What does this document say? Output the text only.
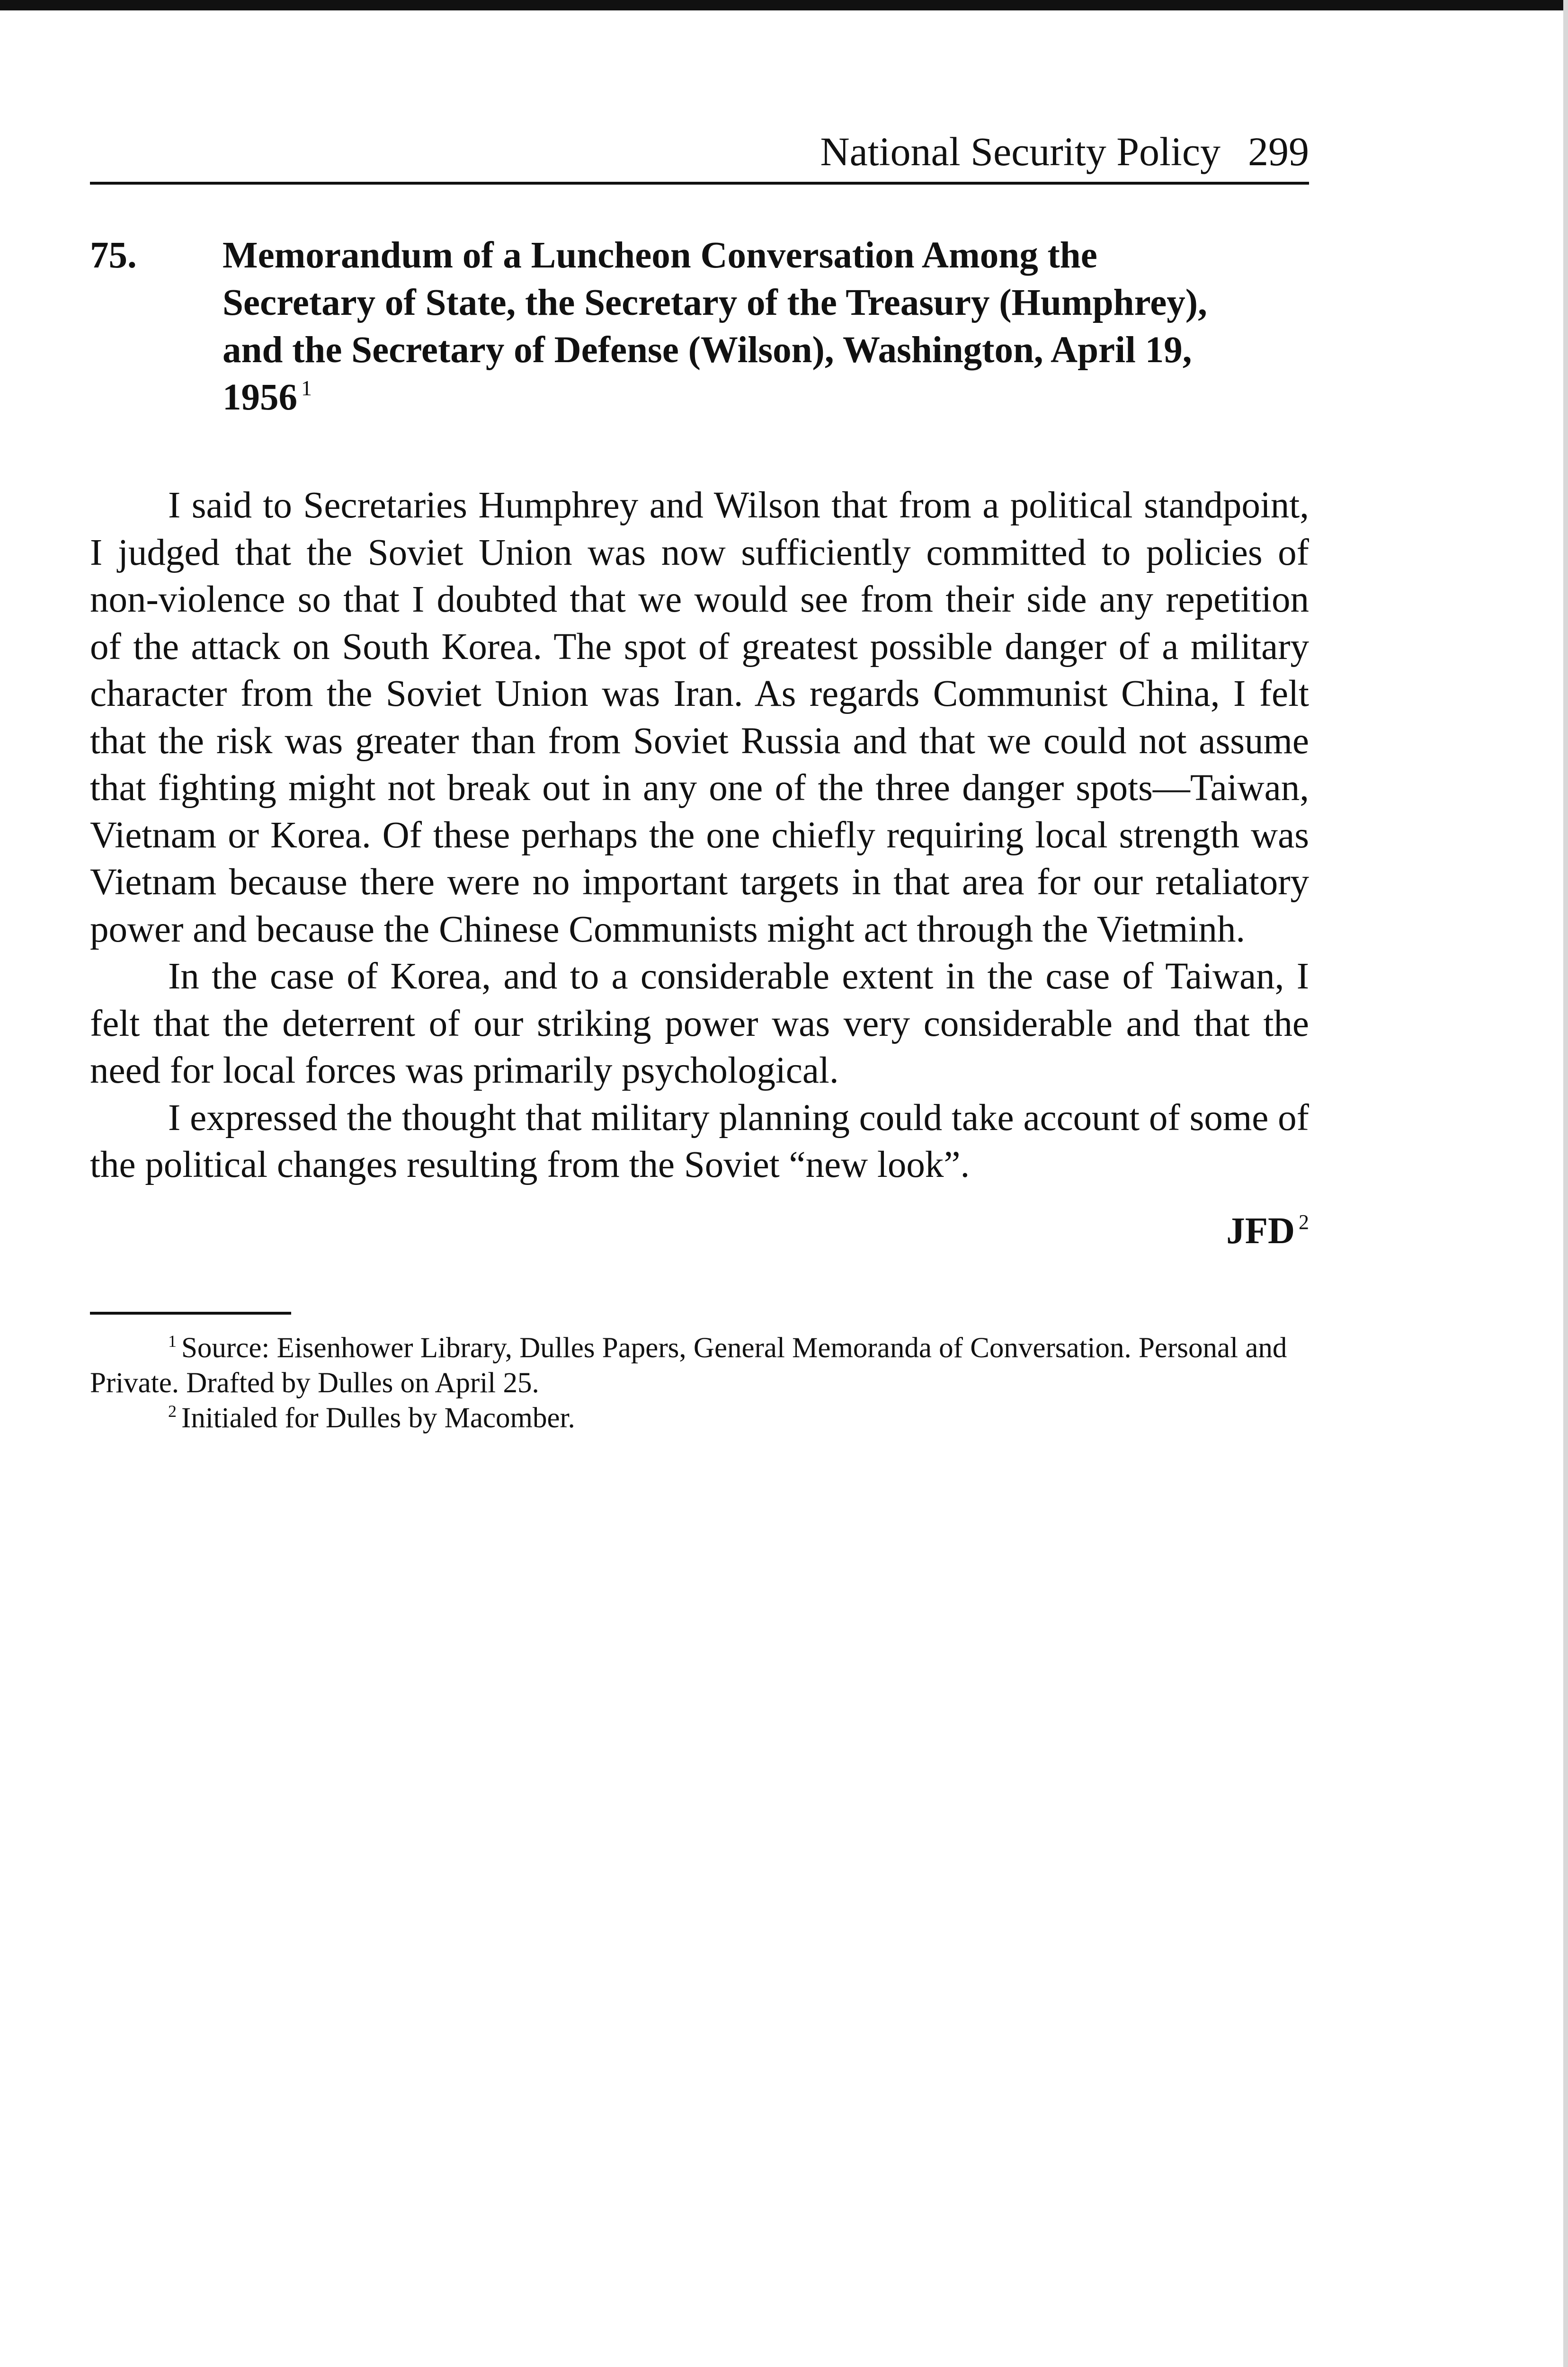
National Security Policy 299
75.	Memorandum of a Luncheon Conversation Among the Secretary of State, the Secretary of the Treasury (Humphrey), and the Secretary of Defense (Wilson), Washington, April 19, 1956 $^1$

I said to Secretaries Humphrey and Wilson that from a political standpoint, I judged that the Soviet Union was now sufficiently committed to policies of non-violence so that I doubted that we would see from their side any repetition of the attack on South Korea. The spot of greatest possible danger of a military character from the Soviet Union was Iran. As regards Communist China, I felt that the risk was greater than from Soviet Russia and that we could not assume that fighting might not break out in any one of the three danger spots—Taiwan, Vietnam or Korea. Of these perhaps the one chiefly requiring local strength was Vietnam because there were no important targets in that area for our retaliatory power and because the Chinese Communists might act through the Vietminh.

In the case of Korea, and to a considerable extent in the case of Taiwan, I felt that the deterrent of our striking power was very considerable and that the need for local forces was primarily psychological.

I expressed the thought that military planning could take account of some of the political changes resulting from the Soviet “new look”.

JFD $^2$

$^1$ Source: Eisenhower Library, Dulles Papers, General Memoranda of Conversation. Personal and Private. Drafted by Dulles on April 25.

$^2$ Initialed for Dulles by Macomber.
